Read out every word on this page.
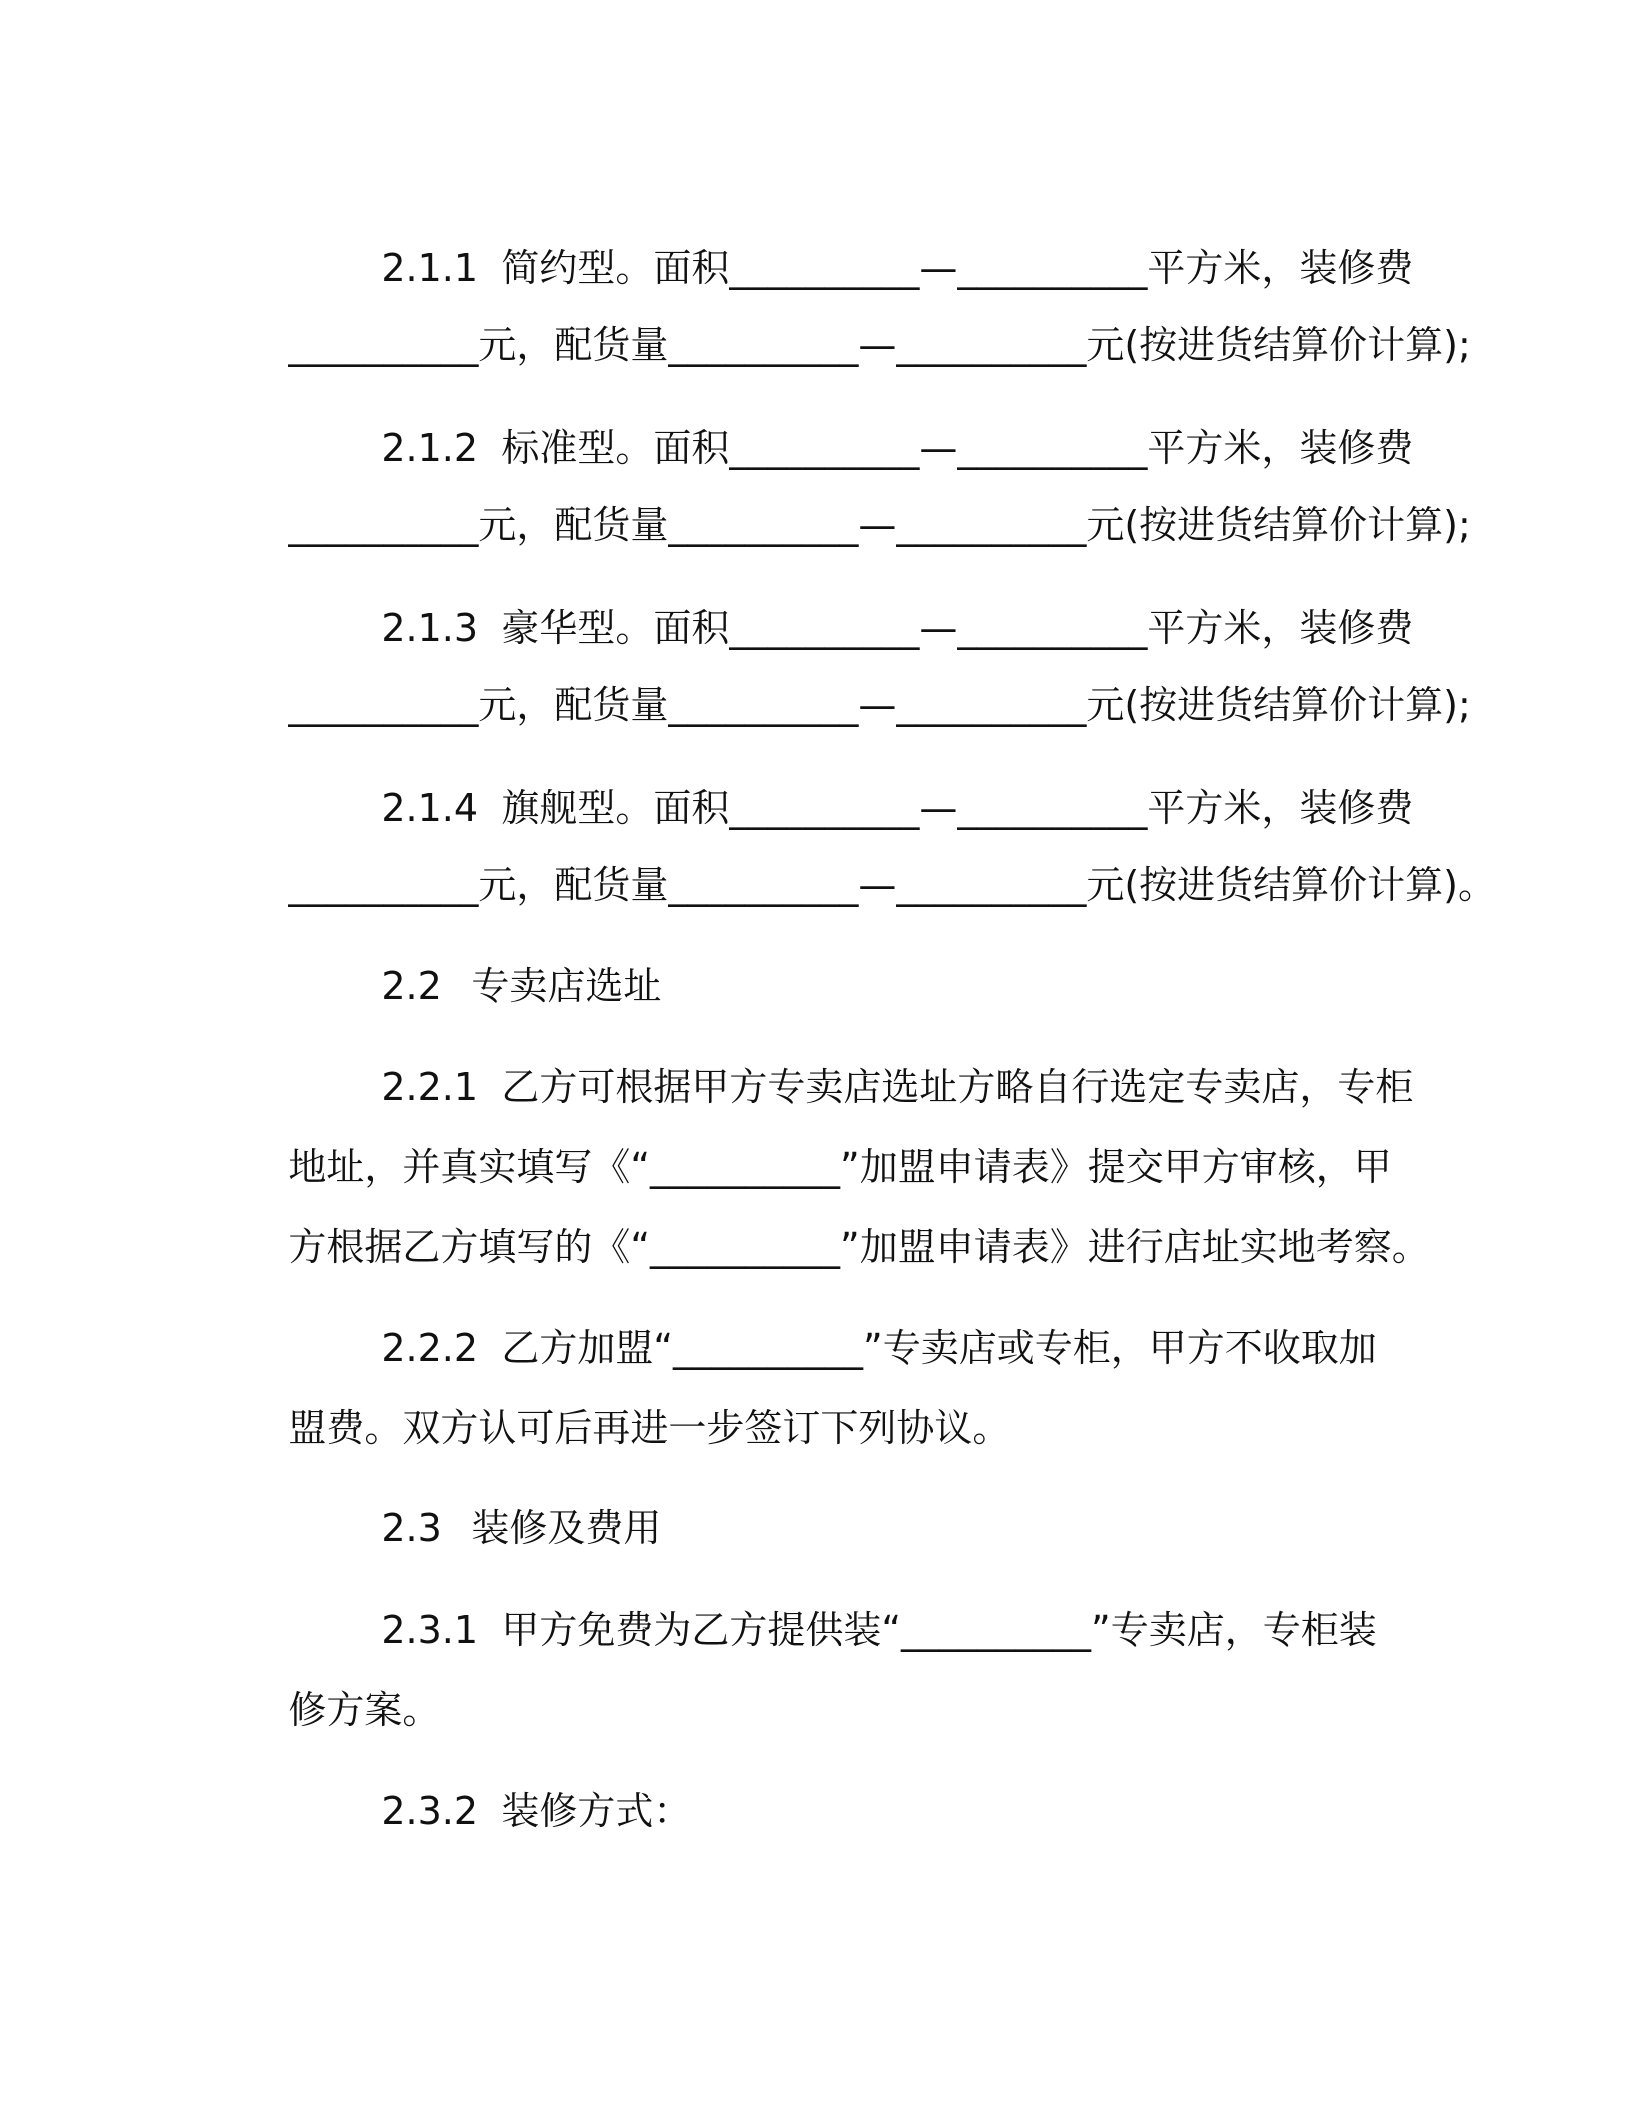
2.1.1 简约型。面积__________—__________平方米，装修费

__________元，配货量__________—__________元(按进货结算价计算);

2.1.2 标准型。面积__________—__________平方米，装修费

__________元，配货量__________—__________元(按进货结算价计算);

2.1.3 豪华型。面积__________—__________平方米，装修费

__________元，配货量__________—__________元(按进货结算价计算);

2.1.4 旗舰型。面积__________—__________平方米，装修费

__________元，配货量__________—__________元(按进货结算价计算)。

2.2 专卖店选址

2.2.1 乙方可根据甲方专卖店选址方略自行选定专卖店，专柜

地址，并真实填写《“__________”加盟申请表》提交甲方审核，甲

方根据乙方填写的《“__________”加盟申请表》进行店址实地考察。

2.2.2 乙方加盟“__________”专卖店或专柜，甲方不收取加

盟费。双方认可后再进一步签订下列协议。

2.3 装修及费用

2.3.1 甲方免费为乙方提供装“__________”专卖店，专柜装

修方案。

2.3.2 装修方式：
